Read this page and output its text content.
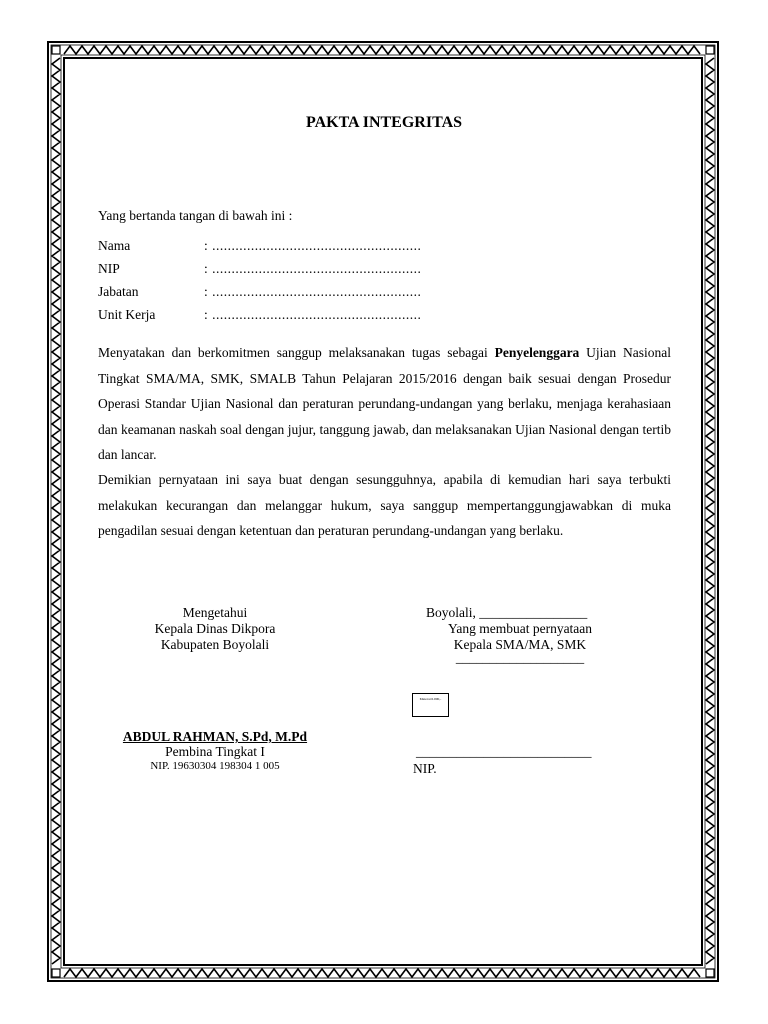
PAKTA INTEGRITAS
Yang bertanda tangan di bawah ini :
Nama	: ......................................................
NIP	: ......................................................
Jabatan	: ......................................................
Unit Kerja	: ......................................................
Menyatakan dan berkomitmen sanggup melaksanakan tugas sebagai Penyelenggara Ujian Nasional Tingkat SMA/MA, SMK, SMALB Tahun Pelajaran 2015/2016 dengan baik sesuai dengan Prosedur Operasi Standar Ujian Nasional dan peraturan perundang-undangan yang berlaku, menjaga kerahasiaan dan keamanan naskah soal dengan jujur, tanggung jawab, dan melaksanakan Ujian Nasional dengan tertib dan lancar.
Demikian pernyataan ini saya buat dengan sesungguhnya, apabila di kemudian hari saya terbukti melakukan kecurangan dan melanggar hukum, saya sanggup mempertanggungjawabkan di muka pengadilan sesuai dengan ketentuan dan peraturan perundang-undangan yang berlaku.
Mengetahui
Kepala Dinas Dikpora
Kabupaten Boyolali
Boyolali, ________________
Yang membuat pernyataan
Kepala SMA/MA, SMK
___________________
Meterai 6.000,-
ABDUL RAHMAN, S.Pd, M.Pd
Pembina Tingkat I
NIP. 19630304 198304 1 005
__________________________
NIP.
